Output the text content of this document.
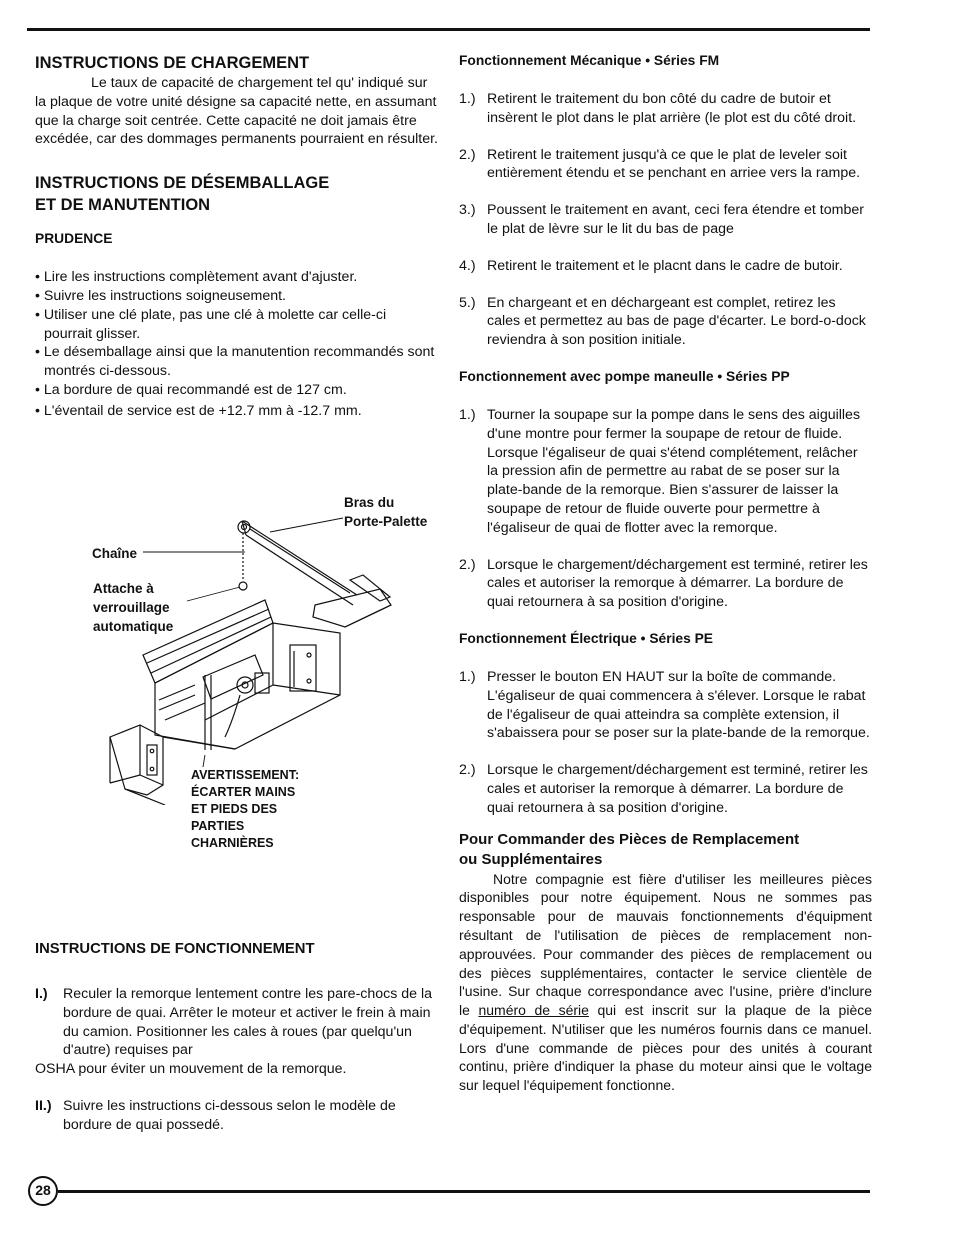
INSTRUCTIONS DE CHARGEMENT

Le taux de capacité de chargement tel qu' indiqué sur la plaque de votre unité désigne sa capacité nette, en assumant que la charge soit centrée. Cette capacité ne doit jamais être excédée, car des dommages permanents pourraient en résulter.

INSTRUCTIONS DE DÉSEMBALLAGE
ET DE MANUTENTION
PRUDENCE
• Lire les instructions complètement avant d'ajuster.
• Suivre les instructions soigneusement.
• Utiliser une clé plate, pas une clé à molette car celle-ci pourrait glisser.
• Le désemballage ainsi que la manutention recommandés sont montrés ci-dessous.
• La bordure de quai recommandé est de 127 cm.
• L'éventail de service est de +12.7 mm à -12.7 mm.
Bras du
Porte-Palette
Chaîne
Attache à
verrouillage
automatique
AVERTISSEMENT:
ÉCARTER MAINS
ET PIEDS DES
PARTIES
CHARNIÈRES
INSTRUCTIONS DE FONCTIONNEMENT
I.) Reculer la remorque lentement contre les pare-chocs de la bordure de quai. Arrêter le moteur et activer le frein à main du camion. Positionner les cales à roues (par quelqu'un d'autre) requises par

OSHA pour éviter un mouvement de la remorque.

II.) Suivre les instructions ci-dessous selon le modèle de bordure de quai possedé.
Fonctionnement Mécanique • Séries FM
1.) Retirent le traitement du bon côté du cadre de butoir et insèrent le plot dans le plat arrière (le plot est du côté droit.
2.) Retirent le traitement jusqu'à ce que le plat de leveler soit entièrement étendu et se penchant en arriee vers la rampe.
3.) Poussent le traitement en avant, ceci fera étendre et tomber le plat de lèvre sur le lit du bas de page
4.) Retirent le traitement et le placnt dans le cadre de butoir.
5.) En chargeant et en déchargeant est complet, retirez les cales et permettez au bas de page d'écarter. Le bord-o-dock reviendra à son position initiale.
Fonctionnement avec pompe maneulle • Séries PP
1.) Tourner la soupape sur la pompe dans le sens des aiguilles d'une montre pour fermer la soupape de retour de fluide. Lorsque l'égaliseur de quai s'étend complétement, relâcher la pression afin de permettre au rabat de se poser sur la plate-bande de la remorque. Bien s'assurer de laisser la soupape de retour de fluide ouverte pour permettre à l'égaliseur de quai de flotter avec la remorque.
2.) Lorsque le chargement/déchargement est terminé, retirer les cales et autoriser la remorque à démarrer. La bordure de quai retournera à sa position d'origine.
Fonctionnement Électrique • Séries PE
1.) Presser le bouton EN HAUT sur la boîte de commande. L'égaliseur de quai commencera à s'élever. Lorsque le rabat de l'égaliseur de quai atteindra sa complète extension, il s'abaissera pour se poser sur la plate-bande de la remorque.
2.) Lorsque le chargement/déchargement est terminé, retirer les cales et autoriser la remorque à démarrer. La bordure de quai retournera à sa position d'origine.
Pour Commander des Pièces de Remplacement
ou Supplémentaires

Notre compagnie est fière d'utiliser les meilleures pièces disponibles pour notre équipement. Nous ne sommes pas responsable pour de mauvais fonctionnements d'équipment résultant de l'utilisation de pièces de remplacement non-approuvées. Pour commander des pièces de remplacement ou des pièces supplémentaires, contacter le service clientèle de l'usine. Sur chaque correspondance avec l'usine, prière d'inclure le numéro de série qui est inscrit sur la plaque de la pièce d'équipement. N'utiliser que les numéros fournis dans ce manuel. Lors d'une commande de pièces pour des unités à courant continu, prière d'indiquer la phase du moteur ainsi que le voltage sur lequel l'équipement fonctionne.

28
